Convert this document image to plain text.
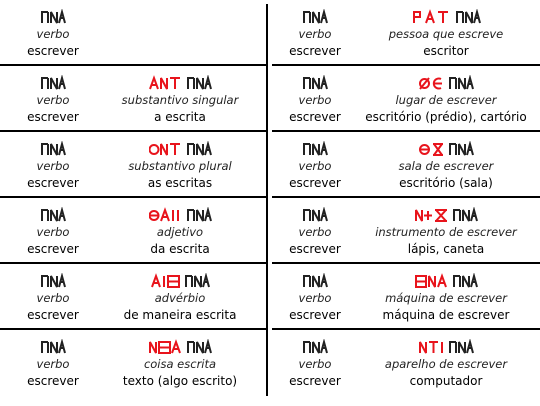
verbo
escrever
verbo
escrever
substantivo singular
a escrita
verbo
escrever
substantivo plural
as escritas
verbo
escrever
adjetivo
da escrita
verbo
escrever
advérbio
de maneira escrita
verbo
escrever
coisa escrita
texto (algo escrito)
verbo
escrever
pessoa que escreve
escritor
verbo
escrever
lugar de escrever
escritório (prédio), cartório
verbo
escrever
sala de escrever
escritório (sala)
verbo
escrever
instrumento de escrever
lápis, caneta
verbo
escrever
máquina de escrever
máquina de escrever
verbo
escrever
aparelho de escrever
computador
